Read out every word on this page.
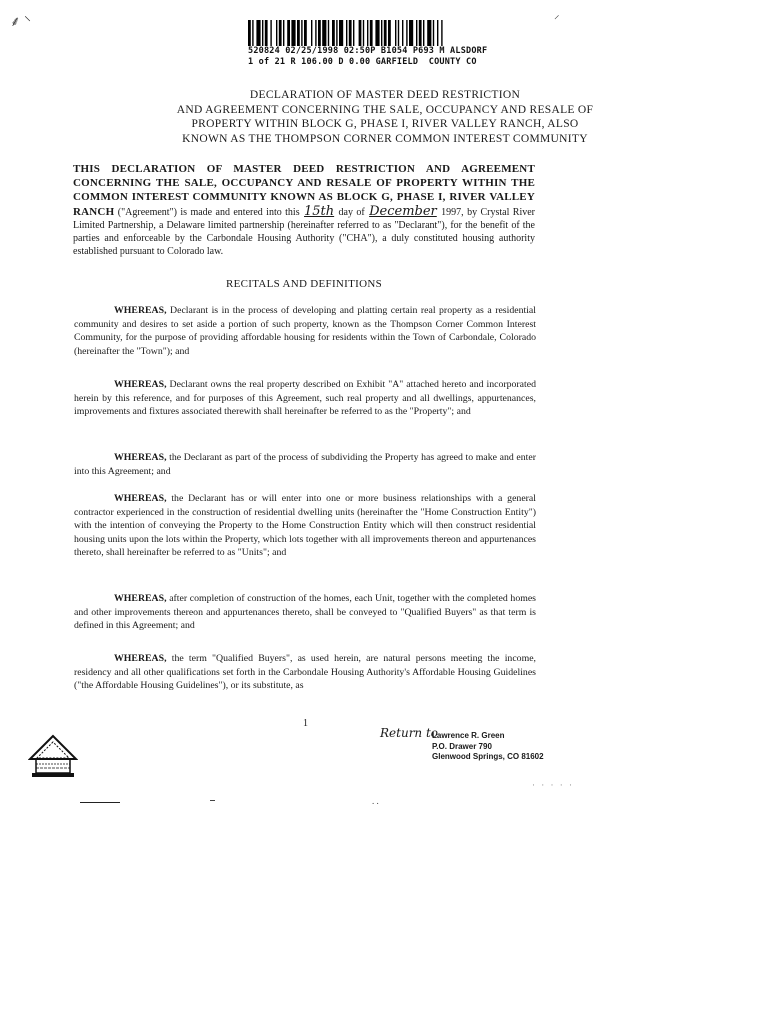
⸙ ⸌	⸍
520824 02/25/1998 02:50P B1054 P693 M ALSDORF
1 of 21 R 106.00 D 0.00 GARFIELD  COUNTY CO
DECLARATION OF MASTER DEED RESTRICTION
AND AGREEMENT CONCERNING THE SALE, OCCUPANCY AND RESALE OF
PROPERTY WITHIN BLOCK G, PHASE I, RIVER VALLEY RANCH, ALSO
KNOWN AS THE THOMPSON CORNER COMMON INTEREST COMMUNITY
THIS DECLARATION OF MASTER DEED RESTRICTION AND AGREEMENT CONCERNING THE SALE, OCCUPANCY AND RESALE OF PROPERTY WITHIN THE COMMON INTEREST COMMUNITY KNOWN AS BLOCK G, PHASE I, RIVER VALLEY RANCH ("Agreement") is made and entered into this 15th day of December 1997, by Crystal River Limited Partnership, a Delaware limited partnership (hereinafter referred to as "Declarant"), for the benefit of the parties and enforceable by the Carbondale Housing Authority ("CHA"), a duly constituted housing authority established pursuant to Colorado law.
RECITALS AND DEFINITIONS

WHEREAS, Declarant is in the process of developing and platting certain real property as a residential community and desires to set aside a portion of such property, known as the Thompson Corner Common Interest Community, for the purpose of providing affordable housing for residents within the Town of Carbondale, Colorado (hereinafter the "Town"); and

WHEREAS, Declarant owns the real property described on Exhibit "A" attached hereto and incorporated herein by this reference, and for purposes of this Agreement, such real property and all dwellings, appurtenances, improvements and fixtures associated therewith shall hereinafter be referred to as the "Property"; and

WHEREAS, the Declarant as part of the process of subdividing the Property has agreed to make and enter into this Agreement; and

WHEREAS, the Declarant has or will enter into one or more business relationships with a general contractor experienced in the construction of residential dwelling units (hereinafter the "Home Construction Entity") with the intention of conveying the Property to the Home Construction Entity which will then construct residential housing units upon the lots within the Property, which lots together with all improvements thereon and appurtenances thereto, shall hereinafter be referred to as "Units"; and

WHEREAS, after completion of construction of the homes, each Unit, together with the completed homes and other improvements thereon and appurtenances thereto, shall be conveyed to "Qualified Buyers" as that term is defined in this Agreement; and

WHEREAS, the term "Qualified Buyers", as used herein, are natural persons meeting the income, residency and all other qualifications set forth in the Carbondale Housing Authority's Affordable Housing Guidelines ("the Affordable Housing Guidelines"), or its substitute, as

1
Return to
Lawrence R. Green
P.O. Drawer 790
Glenwood Springs, CO 81602
· · · · ·
. .
